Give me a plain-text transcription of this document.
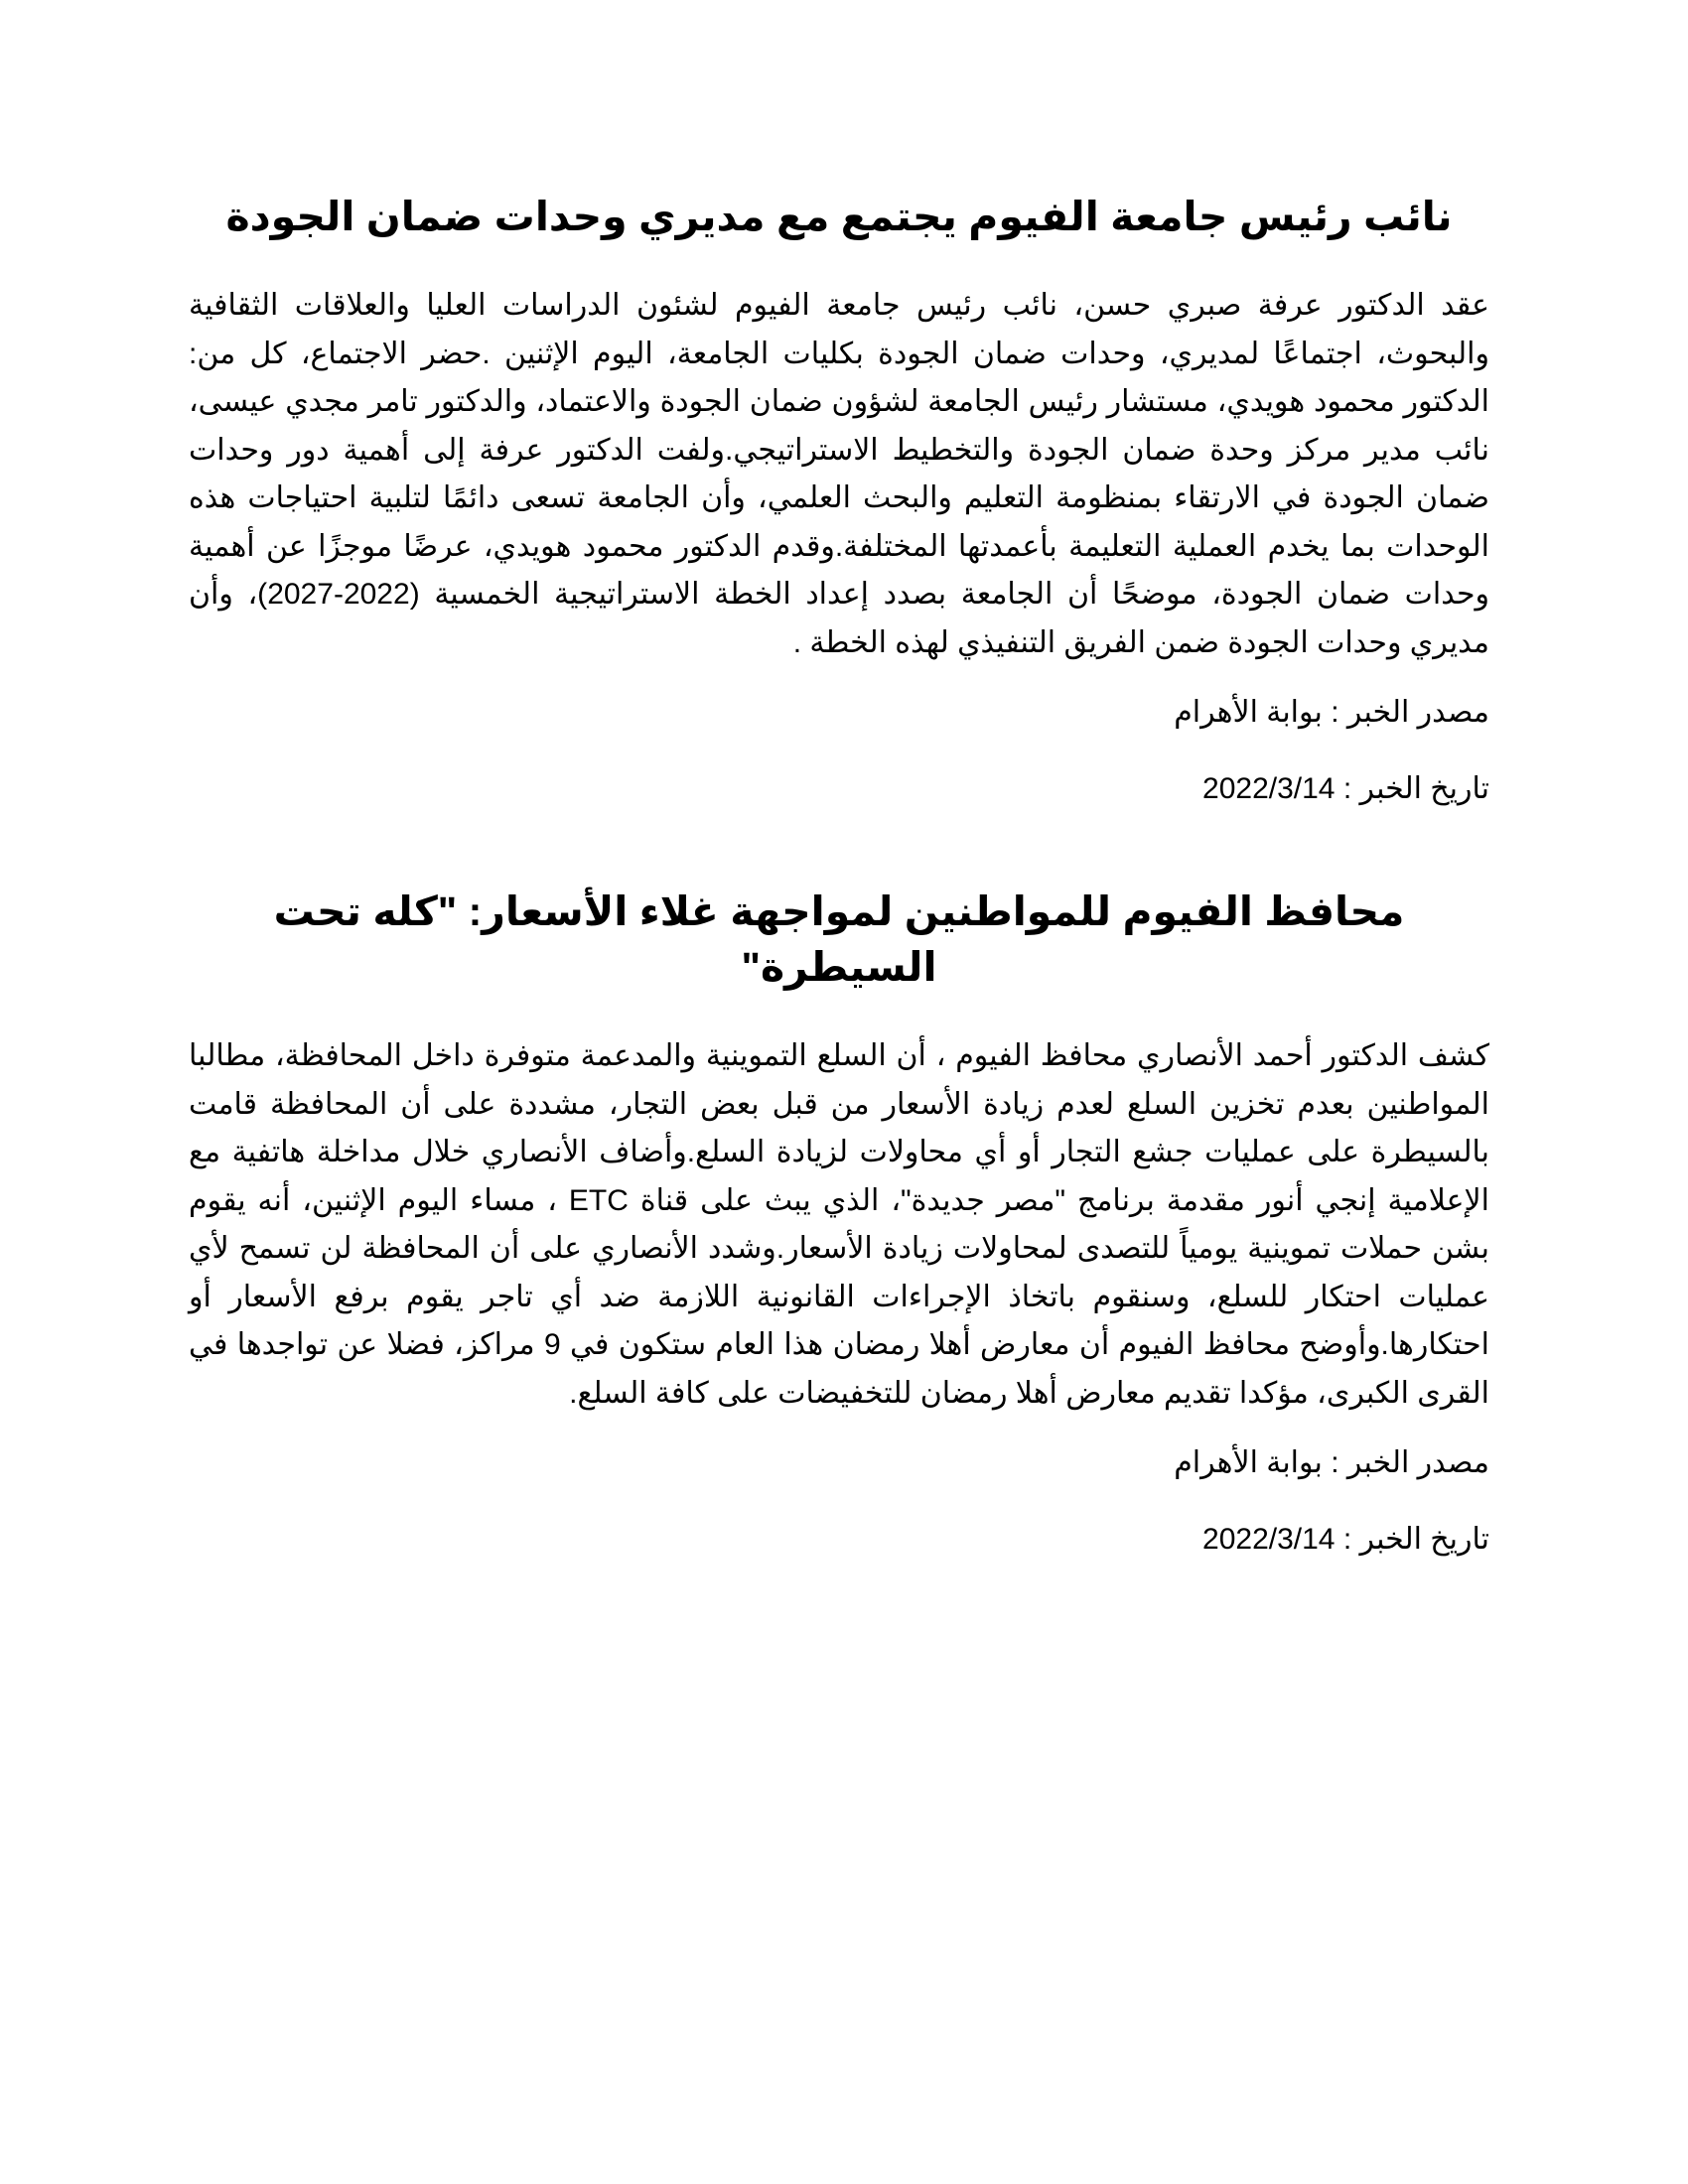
نائب رئيس جامعة الفيوم يجتمع مع مديري وحدات ضمان الجودة

عقد الدكتور عرفة صبري حسن، نائب رئيس جامعة الفيوم لشئون الدراسات العليا والعلاقات الثقافية والبحوث، اجتماعًا لمديري، وحدات ضمان الجودة بكليات الجامعة، اليوم الإثنين .حضر الاجتماع، كل من: الدكتور محمود هويدي، مستشار رئيس الجامعة لشؤون ضمان الجودة والاعتماد، والدكتور تامر مجدي عيسى، نائب مدير مركز وحدة ضمان الجودة والتخطيط الاستراتيجي.ولفت الدكتور عرفة إلى أهمية دور وحدات ضمان الجودة في الارتقاء بمنظومة التعليم والبحث العلمي، وأن الجامعة تسعى دائمًا لتلبية احتياجات هذه الوحدات بما يخدم العملية التعليمة بأعمدتها المختلفة.وقدم الدكتور محمود هويدي، عرضًا موجزًا عن أهمية وحدات ضمان الجودة، موضحًا أن الجامعة بصدد إعداد الخطة الاستراتيجية الخمسية (2022-2027)، وأن مديري وحدات الجودة ضمن الفريق التنفيذي لهذه الخطة .

مصدر الخبر : بوابة الأهرام

تاريخ الخبر : 2022/3/14

محافظ الفيوم للمواطنين لمواجهة غلاء الأسعار: "كله تحت السيطرة"

كشف الدكتور أحمد الأنصاري محافظ الفيوم ، أن السلع التموينية والمدعمة متوفرة داخل المحافظة، مطالبا المواطنين بعدم تخزين السلع لعدم زيادة الأسعار من قبل بعض التجار، مشددة على أن المحافظة قامت بالسيطرة على عمليات جشع التجار أو أي محاولات لزيادة السلع.وأضاف الأنصاري خلال مداخلة هاتفية مع الإعلامية إنجي أنور مقدمة برنامج "مصر جديدة"، الذي يبث على قناة ETC ، مساء اليوم الإثنين، أنه يقوم بشن حملات تموينية يومياً للتصدى لمحاولات زيادة الأسعار.وشدد الأنصاري على أن المحافظة لن تسمح لأي عمليات احتكار للسلع، وسنقوم باتخاذ الإجراءات القانونية اللازمة ضد أي تاجر يقوم برفع الأسعار أو احتكارها.وأوضح محافظ الفيوم أن معارض أهلا رمضان هذا العام ستكون في 9 مراكز، فضلا عن تواجدها في القرى الكبرى، مؤكدا تقديم معارض أهلا رمضان للتخفيضات على كافة السلع.

مصدر الخبر : بوابة الأهرام

تاريخ الخبر : 2022/3/14
